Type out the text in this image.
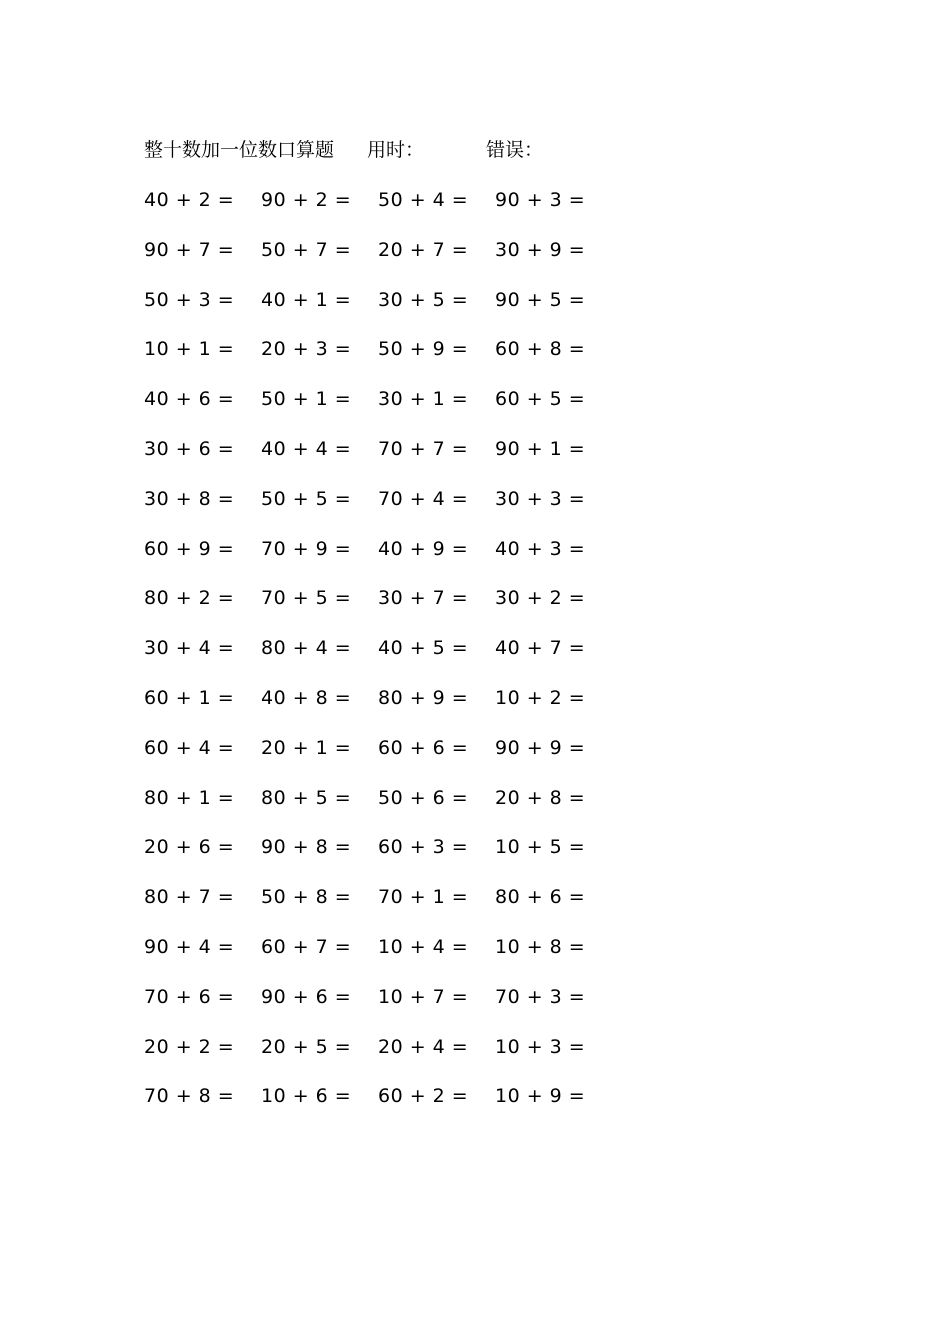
整十数加一位数口算题 用时：	错误：
40 + 2 = 90 + 2 = 50 + 4 = 90 + 3 =
90 + 7 = 50 + 7 = 20 + 7 = 30 + 9 =
50 + 3 = 40 + 1 = 30 + 5 = 90 + 5 =
10 + 1 = 20 + 3 = 50 + 9 = 60 + 8 =
40 + 6 = 50 + 1 = 30 + 1 = 60 + 5 =
30 + 6 = 40 + 4 = 70 + 7 = 90 + 1 =
30 + 8 = 50 + 5 = 70 + 4 = 30 + 3 =
60 + 9 = 70 + 9 = 40 + 9 = 40 + 3 =
80 + 2 = 70 + 5 = 30 + 7 = 30 + 2 =
30 + 4 = 80 + 4 = 40 + 5 = 40 + 7 =
60 + 1 = 40 + 8 = 80 + 9 = 10 + 2 =
60 + 4 = 20 + 1 = 60 + 6 = 90 + 9 =
80 + 1 = 80 + 5 = 50 + 6 = 20 + 8 =
20 + 6 = 90 + 8 = 60 + 3 = 10 + 5 =
80 + 7 = 50 + 8 = 70 + 1 = 80 + 6 =
90 + 4 = 60 + 7 = 10 + 4 = 10 + 8 =
70 + 6 = 90 + 6 = 10 + 7 = 70 + 3 =
20 + 2 = 20 + 5 = 20 + 4 = 10 + 3 =
70 + 8 = 10 + 6 = 60 + 2 = 10 + 9 =
